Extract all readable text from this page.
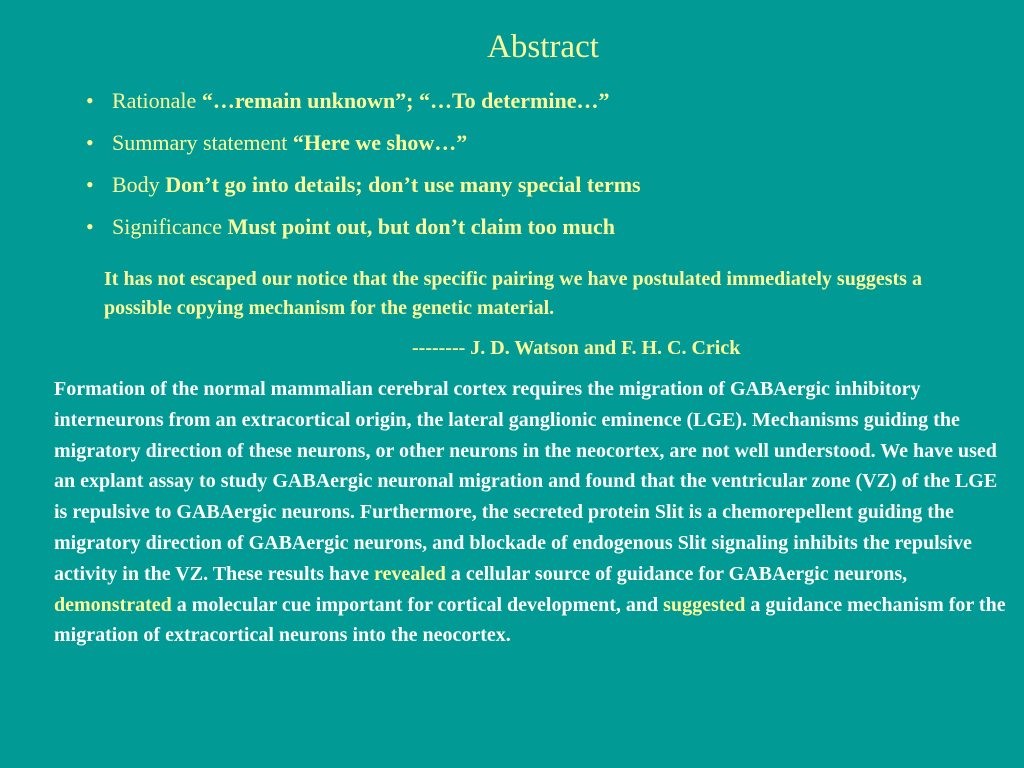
Abstract
• Rationale “…remain unknown”; “…To determine…”
• Summary statement “Here we show…”
• Body Don’t go into details; don’t use many special terms
• Significance Must point out, but don’t claim too much
It has not escaped our notice that the specific pairing we have postulated immediately suggests a possible copying mechanism for the genetic material.
-------- J. D. Watson and F. H. C. Crick

Formation of the normal mammalian cerebral cortex requires the migration of GABAergic inhibitory interneurons from an extracortical origin, the lateral ganglionic eminence (LGE). Mechanisms guiding the migratory direction of these neurons, or other neurons in the neocortex, are not well understood. We have used an explant assay to study GABAergic neuronal migration and found that the ventricular zone (VZ) of the LGE is repulsive to GABAergic neurons. Furthermore, the secreted protein Slit is a chemorepellent guiding the migratory direction of GABAergic neurons, and blockade of endogenous Slit signaling inhibits the repulsive activity in the VZ. These results have revealed a cellular source of guidance for GABAergic neurons, demonstrated a molecular cue important for cortical development, and suggested a guidance mechanism for the migration of extracortical neurons into the neocortex.
